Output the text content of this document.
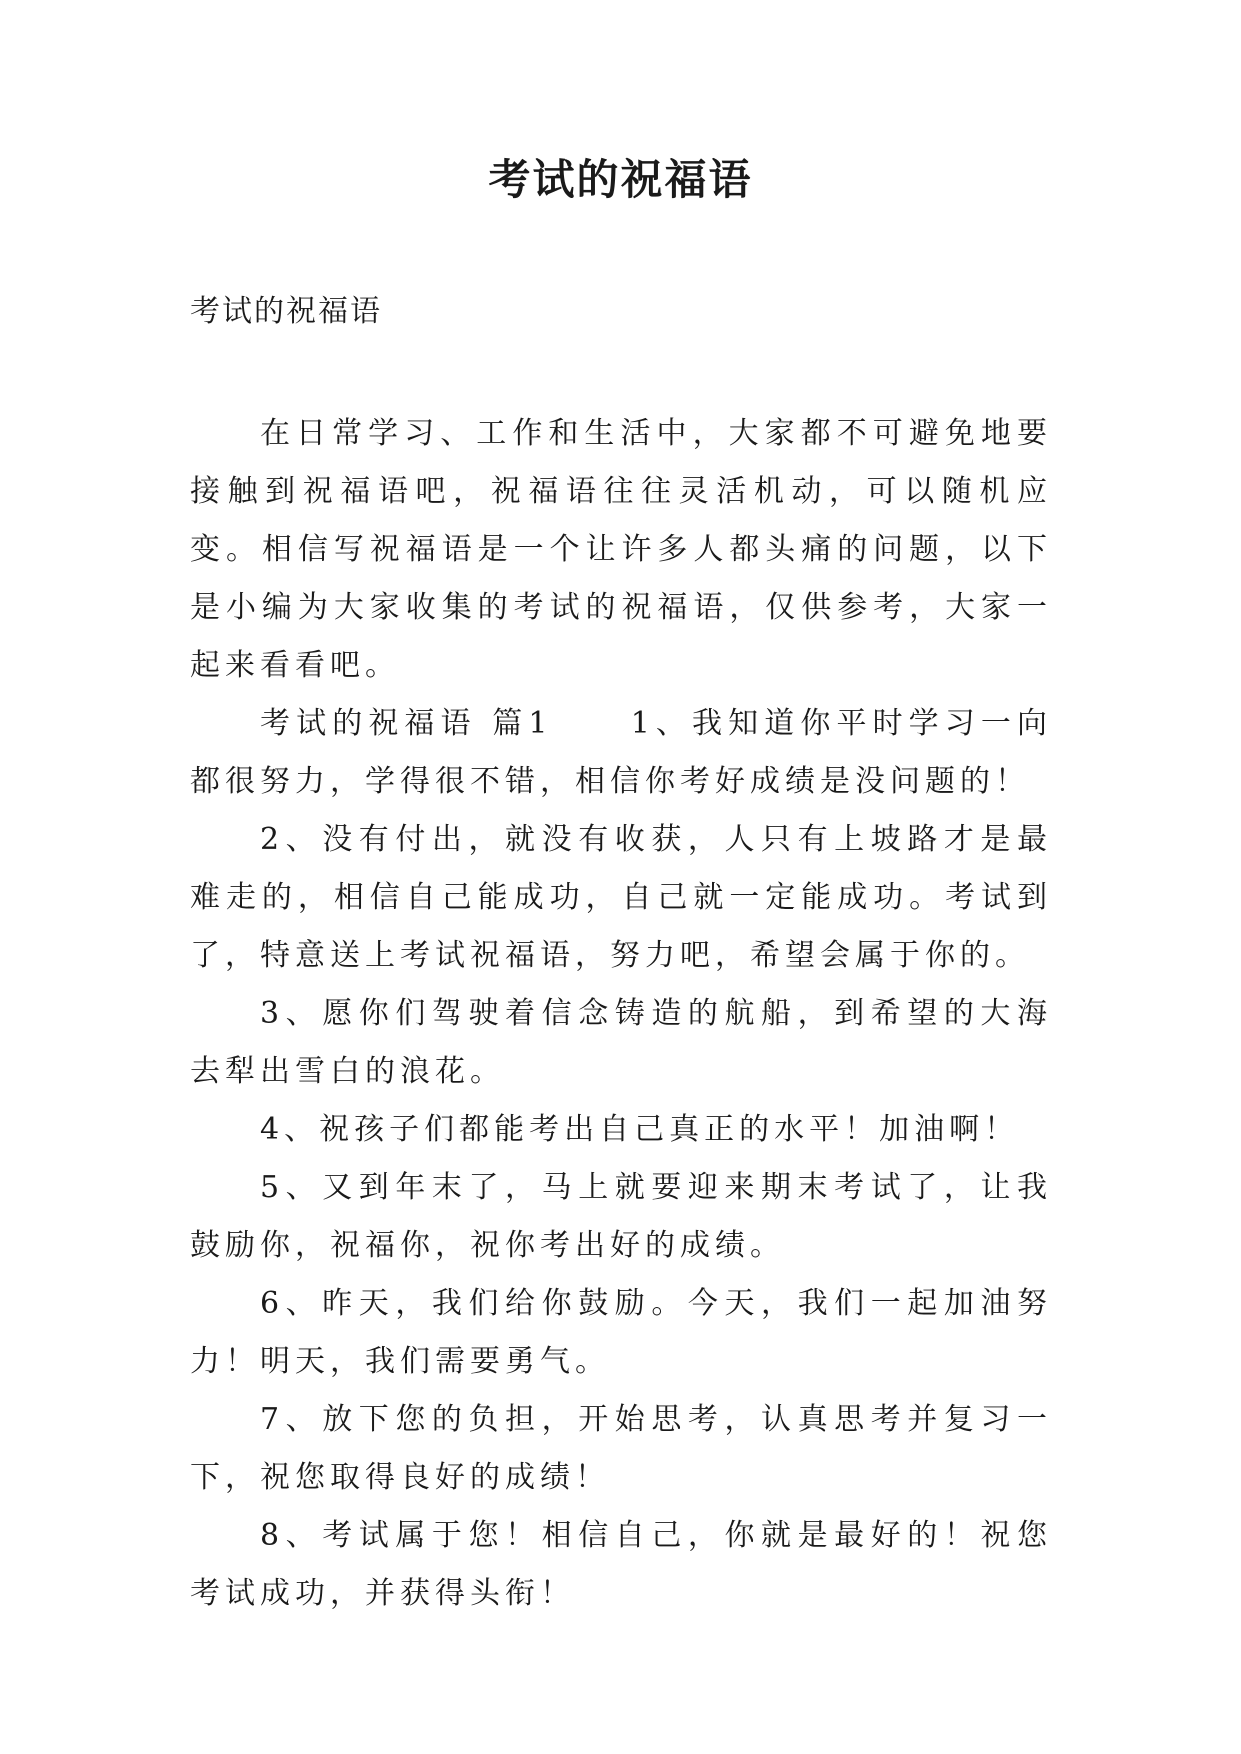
考试的祝福语

考试的祝福语

在日常学习、工作和生活中，大家都不可避免地要接触到祝福语吧，祝福语往往灵活机动，可以随机应变。相信写祝福语是一个让许多人都头痛的问题，以下是小编为大家收集的考试的祝福语，仅供参考，大家一起来看看吧。

考试的祝福语 篇1	1、我知道你平时学习一向都很努力，学得很不错，相信你考好成绩是没问题的！

2、没有付出，就没有收获，人只有上坡路才是最难走的，相信自己能成功，自己就一定能成功。考试到了，特意送上考试祝福语，努力吧，希望会属于你的。

3、愿你们驾驶着信念铸造的航船，到希望的大海去犁出雪白的浪花。

4、祝孩子们都能考出自己真正的水平！加油啊！

5、又到年末了，马上就要迎来期末考试了，让我鼓励你，祝福你，祝你考出好的成绩。

6、昨天，我们给你鼓励。今天，我们一起加油努力！明天，我们需要勇气。

7、放下您的负担，开始思考，认真思考并复习一下，祝您取得良好的成绩！

8、考试属于您！相信自己，你就是最好的！祝您考试成功，并获得头衔！
